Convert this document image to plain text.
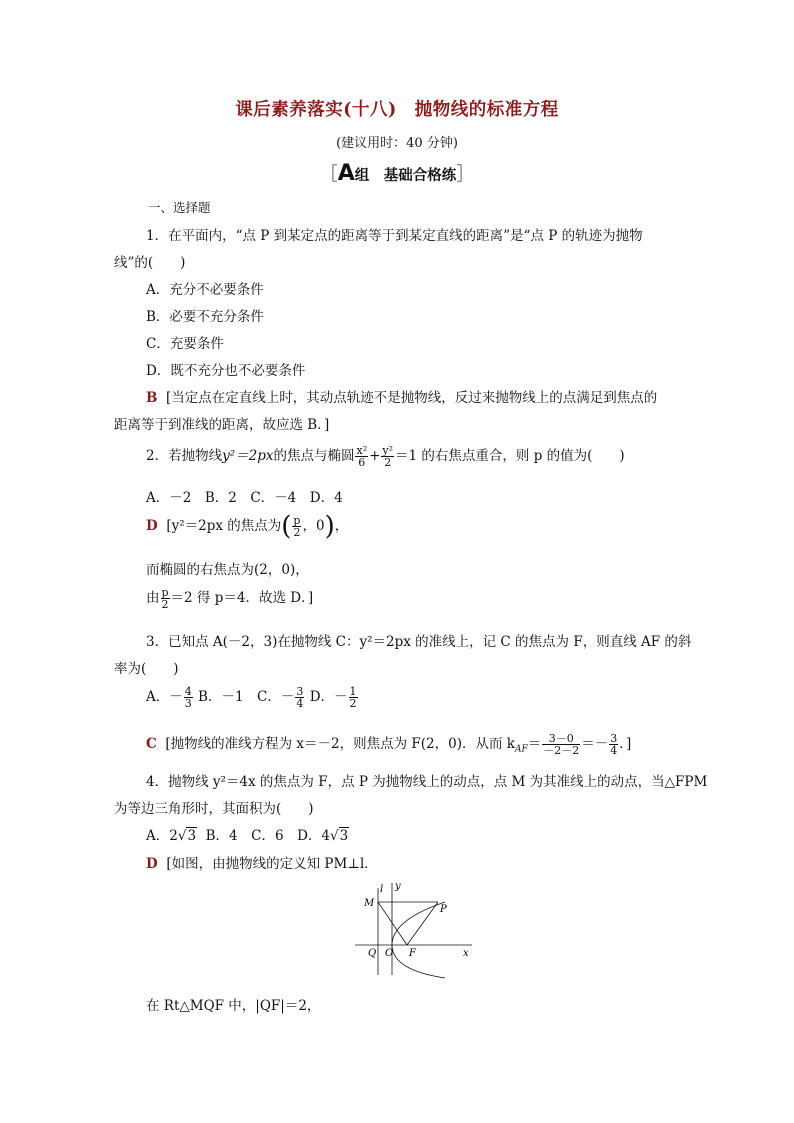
课后素养落实(十八)　抛物线的标准方程
(建议用时：40 分钟)
［A组　基础合格练］
一、选择题
1．在平面内，“点 P 到某定点的距离等于到某定直线的距离”是“点 P 的轨迹为抛物
线”的(　　)
A．充分不必要条件
B．必要不充分条件
C．充要条件
D．既不充分也不必要条件
B [当定点在定直线上时，其动点轨迹不是抛物线，反过来抛物线上的点满足到焦点的
距离等于到准线的距离，故应选 B．]
2．若抛物线y²＝2px的焦点与椭圆 $\frac{\text{x²}}{6} + \frac{\text{y²}}{2} =1$ 的右焦点重合，则 p 的值为(　　)
A．－2　B．2　C．－4　D．4
D [y²＝2px 的焦点为( $\frac{p}{2}$ ，0)，
而椭圆的右焦点为(2，0)，
由 $\frac{p}{2} =2$ 得 p＝4．故选 D．]
3．已知点 A(－2，3)在抛物线 C：y²＝2px 的准线上，记 C 的焦点为 F，则直线 AF 的斜
率为(　　)
A．－ $\frac{4}{3}$ B．－1　C．－ $\frac{3}{4}$ D．－ $\frac{1}{2}$
C [抛物线的准线方程为 x＝－2，则焦点为 F(2，0)．从而 $k_{AF}= \frac{3-0}{-2-2} =- \frac{3}{4}$ ．]
4．抛物线 y²＝4x 的焦点为 F，点 P 为抛物线上的动点，点 M 为其准线上的动点，当△FPM
为等边三角形时，其面积为(　　)
A．2√3 B．4　C．6　D．4√3
D [如图，由抛物线的定义知 PM⊥l．
l y
M
P
Q O F	x
在 Rt△MQF 中，|QF|＝2，
